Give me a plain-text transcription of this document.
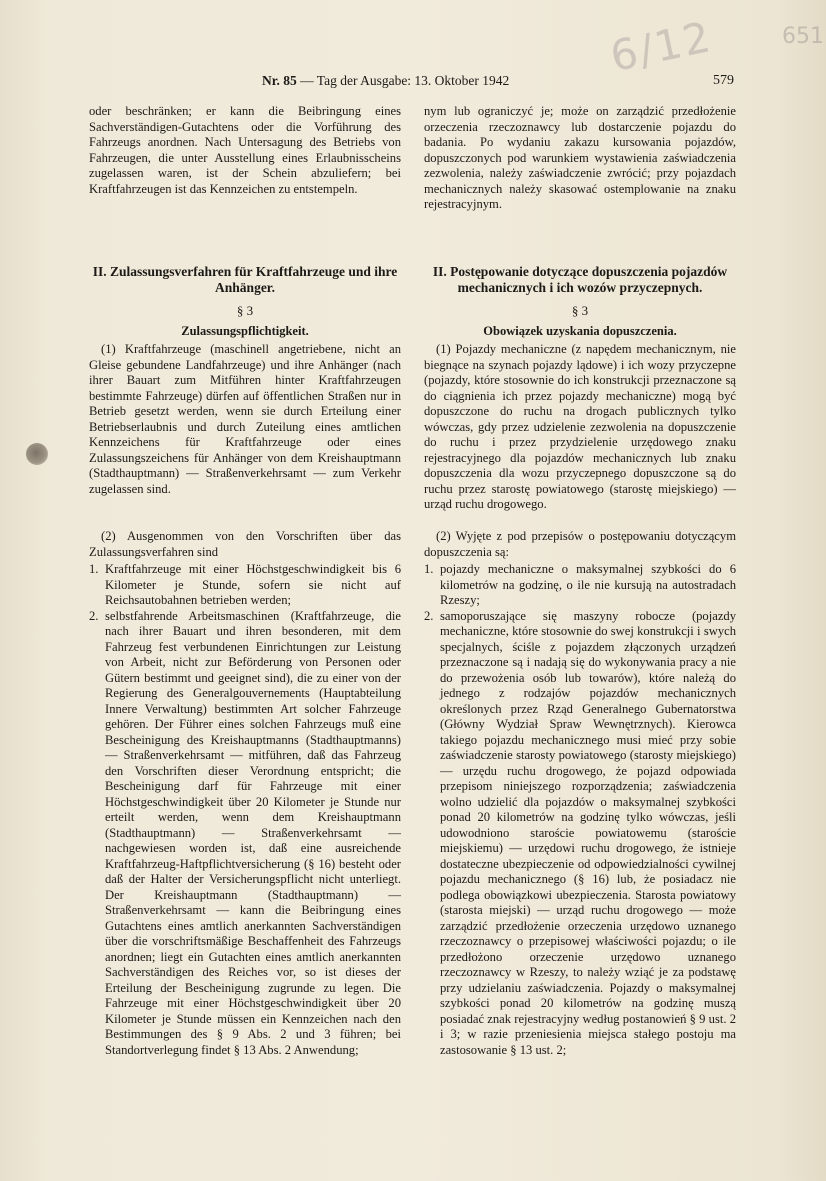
6/12	651
Nr. 85 — Tag der Ausgabe: 13. Oktober 1942	579

oder beschränken; er kann die Beibringung eines Sachverständigen-Gutachtens oder die Vorführung des Fahrzeugs anordnen. Nach Untersagung des Betriebs von Fahrzeugen, die unter Ausstellung eines Erlaubnisscheins zugelassen waren, ist der Schein abzuliefern; bei Kraftfahrzeugen ist das Kennzeichen zu entstempeln.

II. Zulassungsverfahren für Kraftfahrzeuge und ihre Anhänger.
§ 3
Zulassungspflichtigkeit.

(1) Kraftfahrzeuge (maschinell angetriebene, nicht an Gleise gebundene Landfahrzeuge) und ihre Anhänger (nach ihrer Bauart zum Mitführen hinter Kraftfahrzeugen bestimmte Fahrzeuge) dürfen auf öffentlichen Straßen nur in Betrieb gesetzt werden, wenn sie durch Erteilung einer Betriebserlaubnis und durch Zuteilung eines amtlichen Kennzeichens für Kraftfahrzeuge oder eines Zulassungszeichens für Anhänger von dem Kreishauptmann (Stadthauptmann) — Straßenverkehrsamt — zum Verkehr zugelassen sind.

(2) Ausgenommen von den Vorschriften über das Zulassungsverfahren sind

1. Kraftfahrzeuge mit einer Höchstgeschwindigkeit bis 6 Kilometer je Stunde, sofern sie nicht auf Reichsautobahnen betrieben werden;
2. selbstfahrende Arbeitsmaschinen (Kraftfahrzeuge, die nach ihrer Bauart und ihren besonderen, mit dem Fahrzeug fest verbundenen Einrichtungen zur Leistung von Arbeit, nicht zur Beförderung von Personen oder Gütern bestimmt und geeignet sind), die zu einer von der Regierung des Generalgouvernements (Hauptabteilung Innere Verwaltung) bestimmten Art solcher Fahrzeuge gehören. Der Führer eines solchen Fahrzeugs muß eine Bescheinigung des Kreishauptmanns (Stadthauptmanns) — Straßenverkehrsamt — mitführen, daß das Fahrzeug den Vorschriften dieser Verordnung entspricht; die Bescheinigung darf für Fahrzeuge mit einer Höchstgeschwindigkeit über 20 Kilometer je Stunde nur erteilt werden, wenn dem Kreishauptmann (Stadthauptmann) — Straßenverkehrsamt — nachgewiesen worden ist, daß eine ausreichende Kraftfahrzeug-Haftpflichtversicherung (§ 16) besteht oder daß der Halter der Versicherungspflicht nicht unterliegt. Der Kreishauptmann (Stadthauptmann) — Straßenverkehrsamt — kann die Beibringung eines Gutachtens eines amtlich anerkannten Sachverständigen über die vorschriftsmäßige Beschaffenheit des Fahrzeugs anordnen; liegt ein Gutachten eines amtlich anerkannten Sachverständigen des Reiches vor, so ist dieses der Erteilung der Bescheinigung zugrunde zu legen. Die Fahrzeuge mit einer Höchstgeschwindigkeit über 20 Kilometer je Stunde müssen ein Kennzeichen nach den Bestimmungen des § 9 Abs. 2 und 3 führen; bei Standortverlegung findet § 13 Abs. 2 Anwendung;

nym lub ograniczyć je; może on zarządzić przedłożenie orzeczenia rzeczoznawcy lub dostarczenie pojazdu do badania. Po wydaniu zakazu kursowania pojazdów, dopuszczonych pod warunkiem wystawienia zaświadczenia zezwolenia, należy zaświadczenie zwrócić; przy pojazdach mechanicznych należy skasować ostemplowanie na znaku rejestracyjnym.

II. Postępowanie dotyczące dopuszczenia pojazdów mechanicznych i ich wozów przyczepnych.
§ 3
Obowiązek uzyskania dopuszczenia.

(1) Pojazdy mechaniczne (z napędem mechanicznym, nie biegnące na szynach pojazdy lądowe) i ich wozy przyczepne (pojazdy, które stosownie do ich konstrukcji przeznaczone są do ciągnienia ich przez pojazdy mechaniczne) mogą być dopuszczone do ruchu na drogach publicznych tylko wówczas, gdy przez udzielenie zezwolenia na dopuszczenie do ruchu i przez przydzielenie urzędowego znaku rejestracyjnego dla pojazdów mechanicznych lub znaku dopuszczenia dla wozu przyczepnego dopuszczone są do ruchu przez starostę powiatowego (starostę miejskiego) — urząd ruchu drogowego.

(2) Wyjęte z pod przepisów o postępowaniu dotyczącym dopuszczenia są:

1. pojazdy mechaniczne o maksymalnej szybkości do 6 kilometrów na godzinę, o ile nie kursują na autostradach Rzeszy;
2. samoporuszające się maszyny robocze (pojazdy mechaniczne, które stosownie do swej konstrukcji i swych specjalnych, ściśle z pojazdem złączonych urządzeń przeznaczone są i nadają się do wykonywania pracy a nie do przewożenia osób lub towarów), które należą do jednego z rodzajów pojazdów mechanicznych określonych przez Rząd Generalnego Gubernatorstwa (Główny Wydział Spraw Wewnętrznych). Kierowca takiego pojazdu mechanicznego musi mieć przy sobie zaświadczenie starosty powiatowego (starosty miejskiego) — urzędu ruchu drogowego, że pojazd odpowiada przepisom niniejszego rozporządzenia; zaświadczenia wolno udzielić dla pojazdów o maksymalnej szybkości ponad 20 kilometrów na godzinę tylko wówczas, jeśli udowodniono staroście powiatowemu (staroście miejskiemu) — urzędowi ruchu drogowego, że istnieje dostateczne ubezpieczenie od odpowiedzialności cywilnej pojazdu mechanicznego (§ 16) lub, że posiadacz nie podlega obowiązkowi ubezpieczenia. Starosta powiatowy (starosta miejski) — urząd ruchu drogowego — może zarządzić przedłożenie orzeczenia urzędowo uznanego rzeczoznawcy o przepisowej właściwości pojazdu; o ile przedłożono orzeczenie urzędowo uznanego rzeczoznawcy w Rzeszy, to należy wziąć je za podstawę przy udzielaniu zaświadczenia. Pojazdy o maksymalnej szybkości ponad 20 kilometrów na godzinę muszą posiadać znak rejestracyjny według postanowień § 9 ust. 2 i 3; w razie przeniesienia miejsca stałego postoju ma zastosowanie § 13 ust. 2;
